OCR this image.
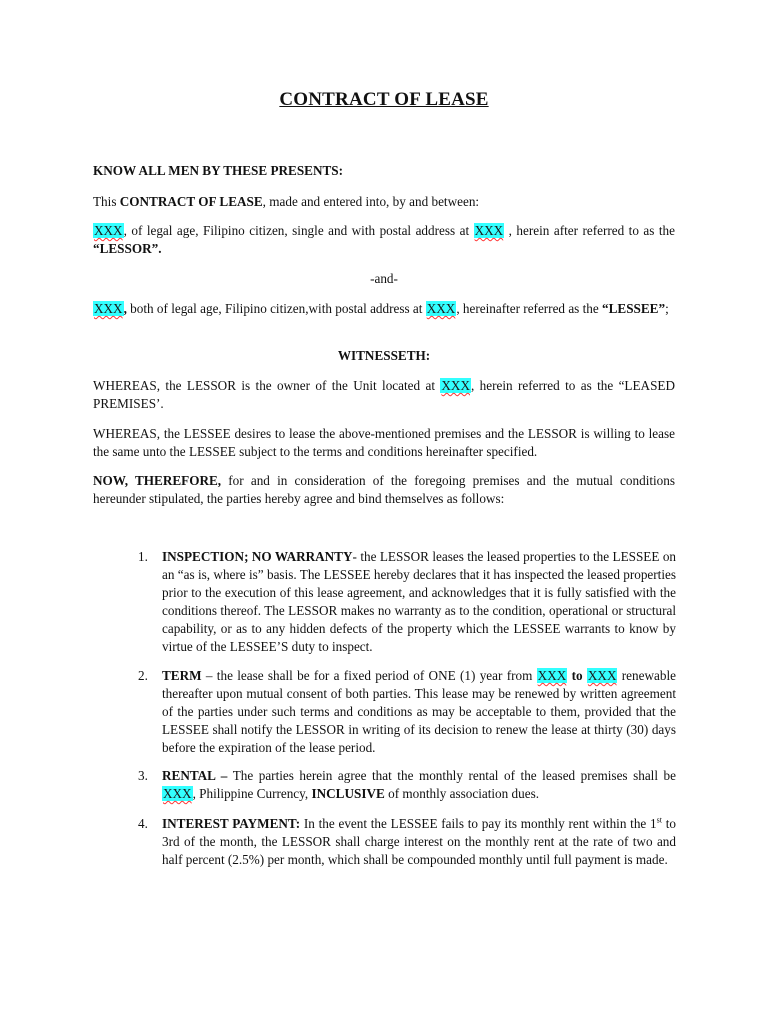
CONTRACT OF LEASE
KNOW ALL MEN BY THESE PRESENTS:
This CONTRACT OF LEASE, made and entered into, by and between:
XXX, of legal age, Filipino citizen, single and with postal address at XXX , herein after referred to as the “LESSOR”.
-and-
XXX, both of legal age, Filipino citizen,with postal address at XXX, hereinafter referred as the “LESSEE”;
WITNESSETH:
WHEREAS, the LESSOR is the owner of the Unit located at XXX, herein referred to as the “LEASED PREMISES’.
WHEREAS, the LESSEE desires to lease the above-mentioned premises and the LESSOR is willing to lease the same unto the LESSEE subject to the terms and conditions hereinafter specified.
NOW, THEREFORE, for and in consideration of the foregoing premises and the mutual conditions hereunder stipulated, the parties hereby agree and bind themselves as follows:
1.	INSPECTION; NO WARRANTY- the LESSOR leases the leased properties to the LESSEE on an “as is, where is” basis. The LESSEE hereby declares that it has inspected the leased properties prior to the execution of this lease agreement, and acknowledges that it is fully satisfied with the conditions thereof. The LESSOR makes no warranty as to the condition, operational or structural capability, or as to any hidden defects of the property which the LESSEE warrants to know by virtue of the LESSEE’S duty to inspect.
2.	TERM – the lease shall be for a fixed period of ONE (1) year from XXX to XXX renewable thereafter upon mutual consent of both parties. This lease may be renewed by written agreement of the parties under such terms and conditions as may be acceptable to them, provided that the LESSEE shall notify the LESSOR in writing of its decision to renew the lease at thirty (30) days before the expiration of the lease period.
3.	RENTAL – The parties herein agree that the monthly rental of the leased premises shall be XXX, Philippine Currency, INCLUSIVE of monthly association dues.
4.	INTEREST PAYMENT: In the event the LESSEE fails to pay its monthly rent within the 1st to 3rd of the month, the LESSOR shall charge interest on the monthly rent at the rate of two and half percent (2.5%) per month, which shall be compounded monthly until full payment is made.
